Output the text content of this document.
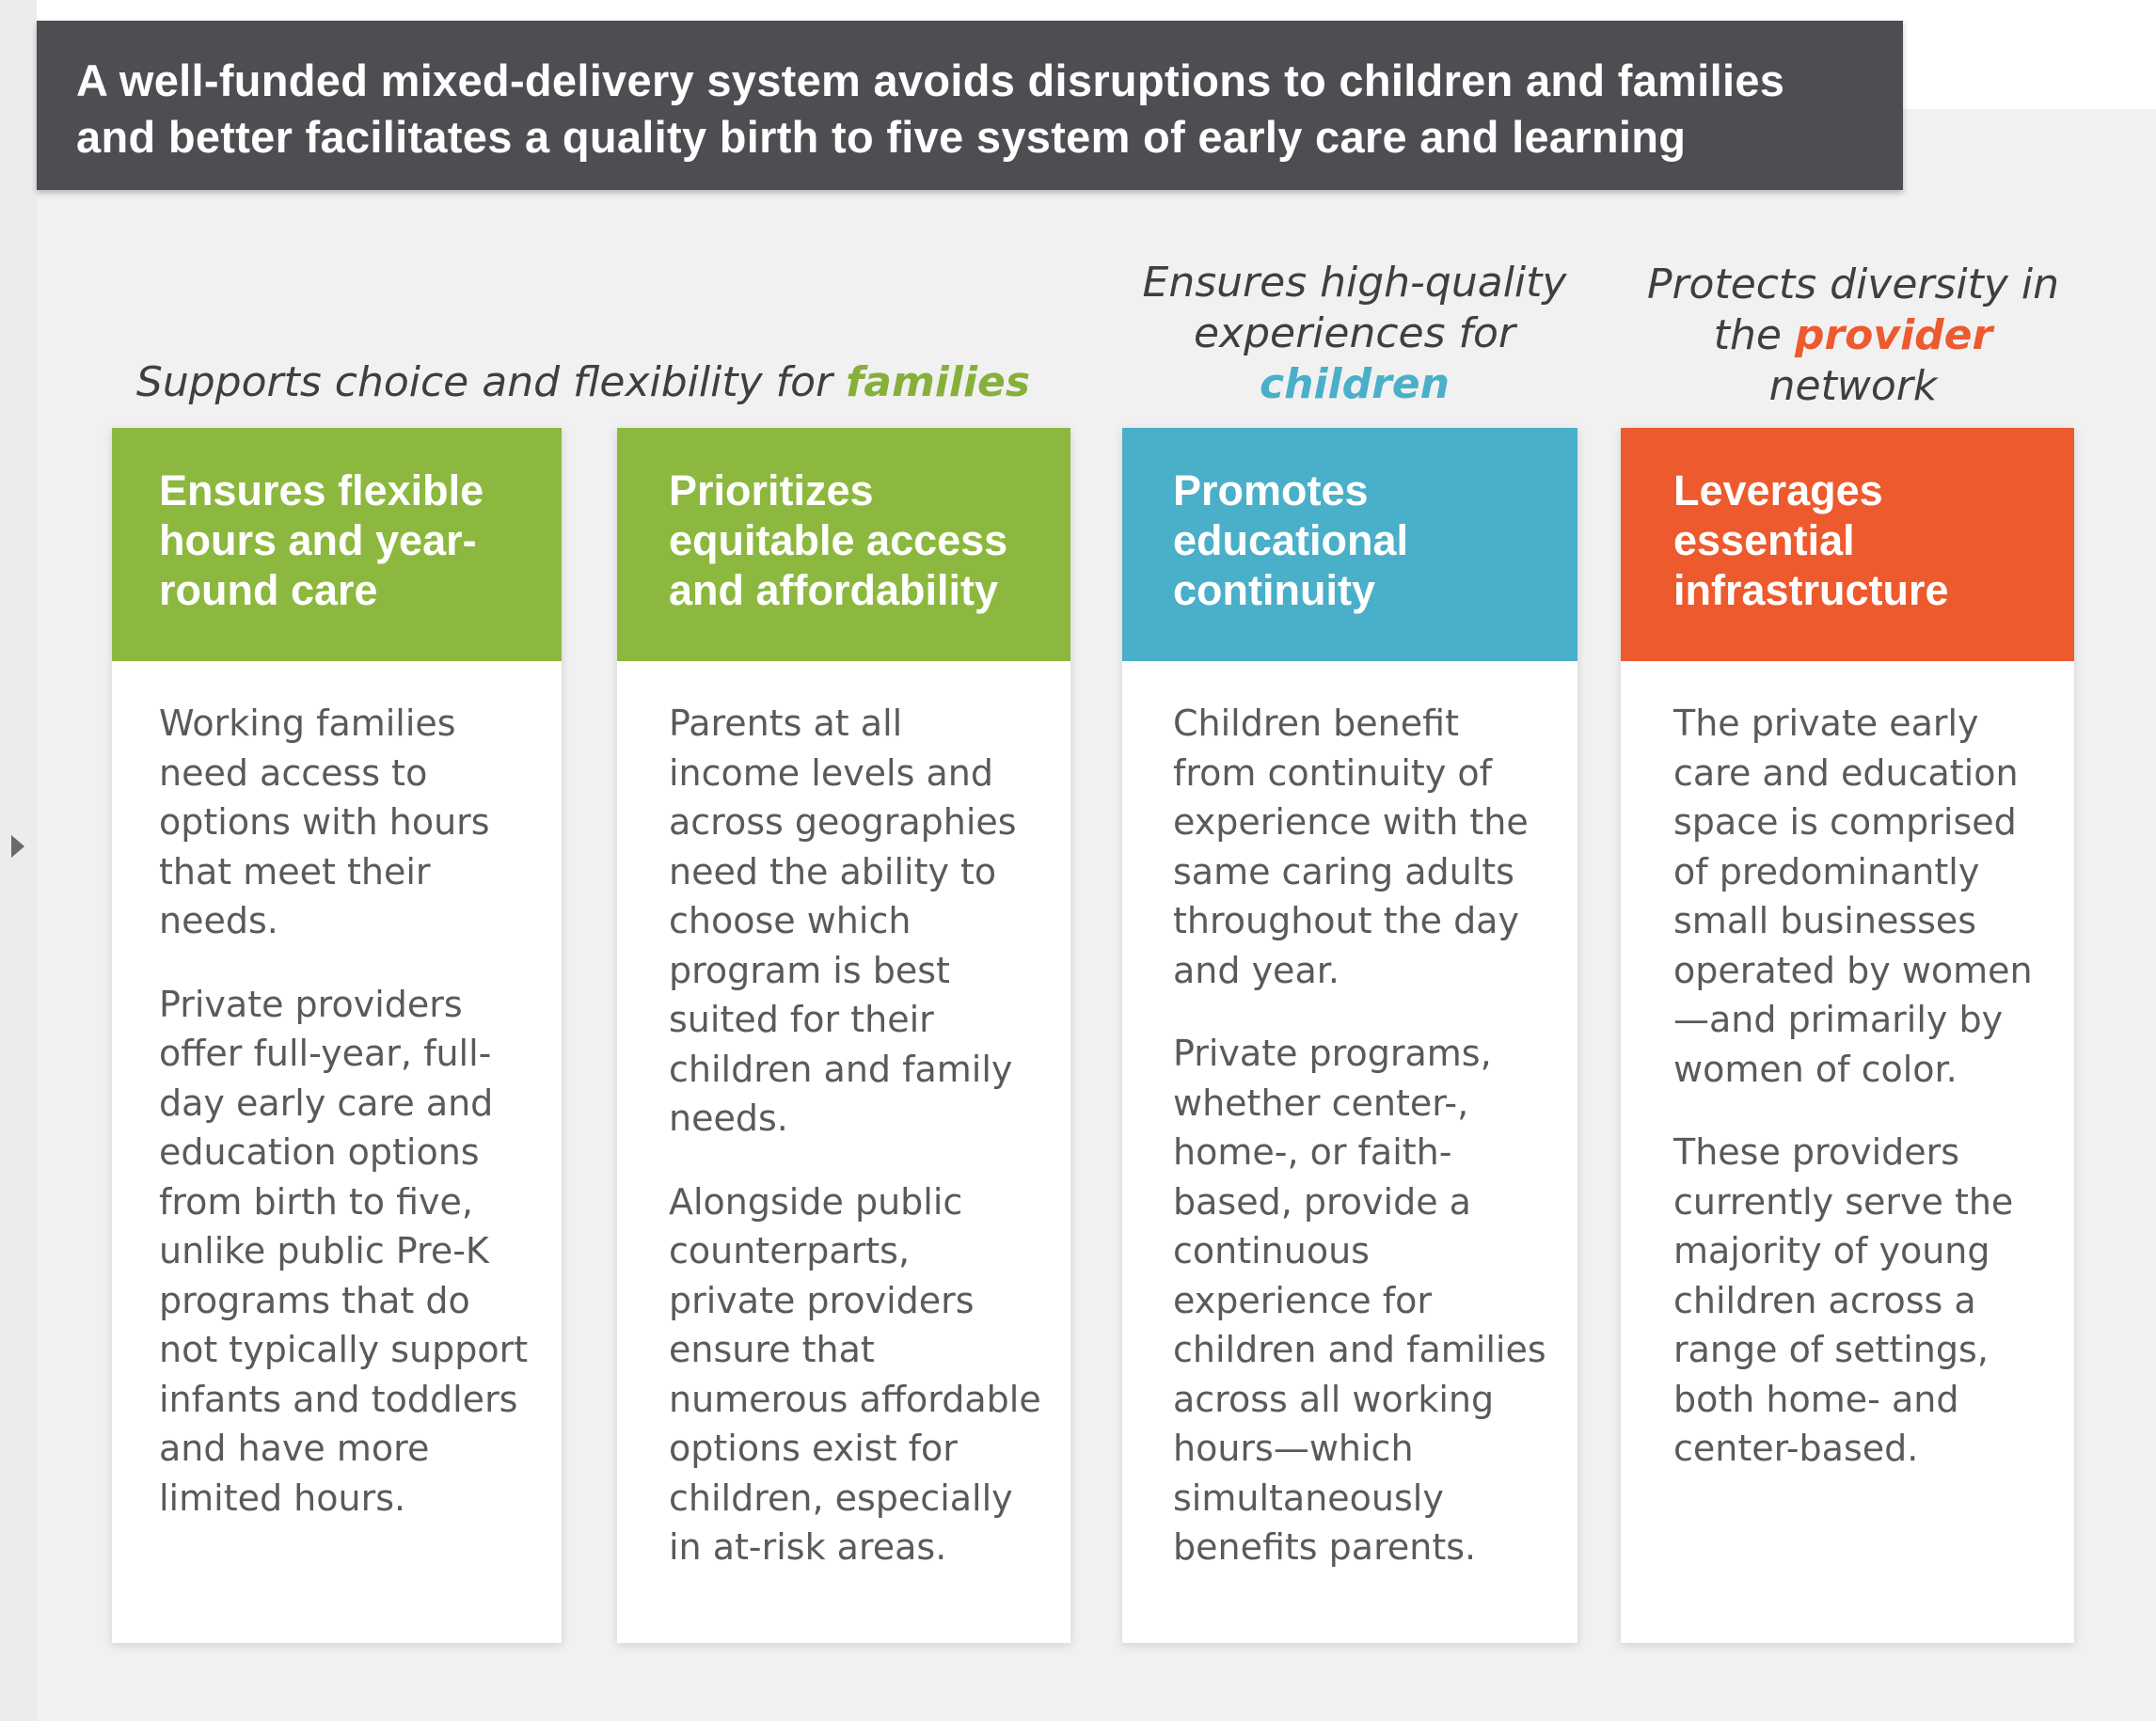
A well-funded mixed-delivery system avoids disruptions to children and families
and better facilitates a quality birth to five system of early care and learning
Supports choice and flexibility for families
Ensures high-quality
experiences for
children
Protects diversity in
the provider
network
Ensures flexible hours and year-round care

Working families need access to options with hours that meet their needs.

Private providers offer full-year, full-day early care and education options from birth to five, unlike public Pre-K programs that do not typically support infants and toddlers and have more limited hours.

Prioritizes equitable access and affordability

Parents at all income levels and across geographies need the ability to choose which program is best suited for their children and family needs.

Alongside public counterparts, private providers ensure that numerous affordable options exist for children, especially in at-risk areas.

Promotes educational continuity

Children benefit from continuity of experience with the same caring adults throughout the day and year.

Private programs, whether center-, home-, or faith-based, provide a continuous experience for children and families across all working hours—which simultaneously benefits parents.

Leverages essential infrastructure

The private early care and education space is comprised of predominantly small businesses operated by women—and primarily by women of color.

These providers currently serve the majority of young children across a range of settings, both home- and center-based.
